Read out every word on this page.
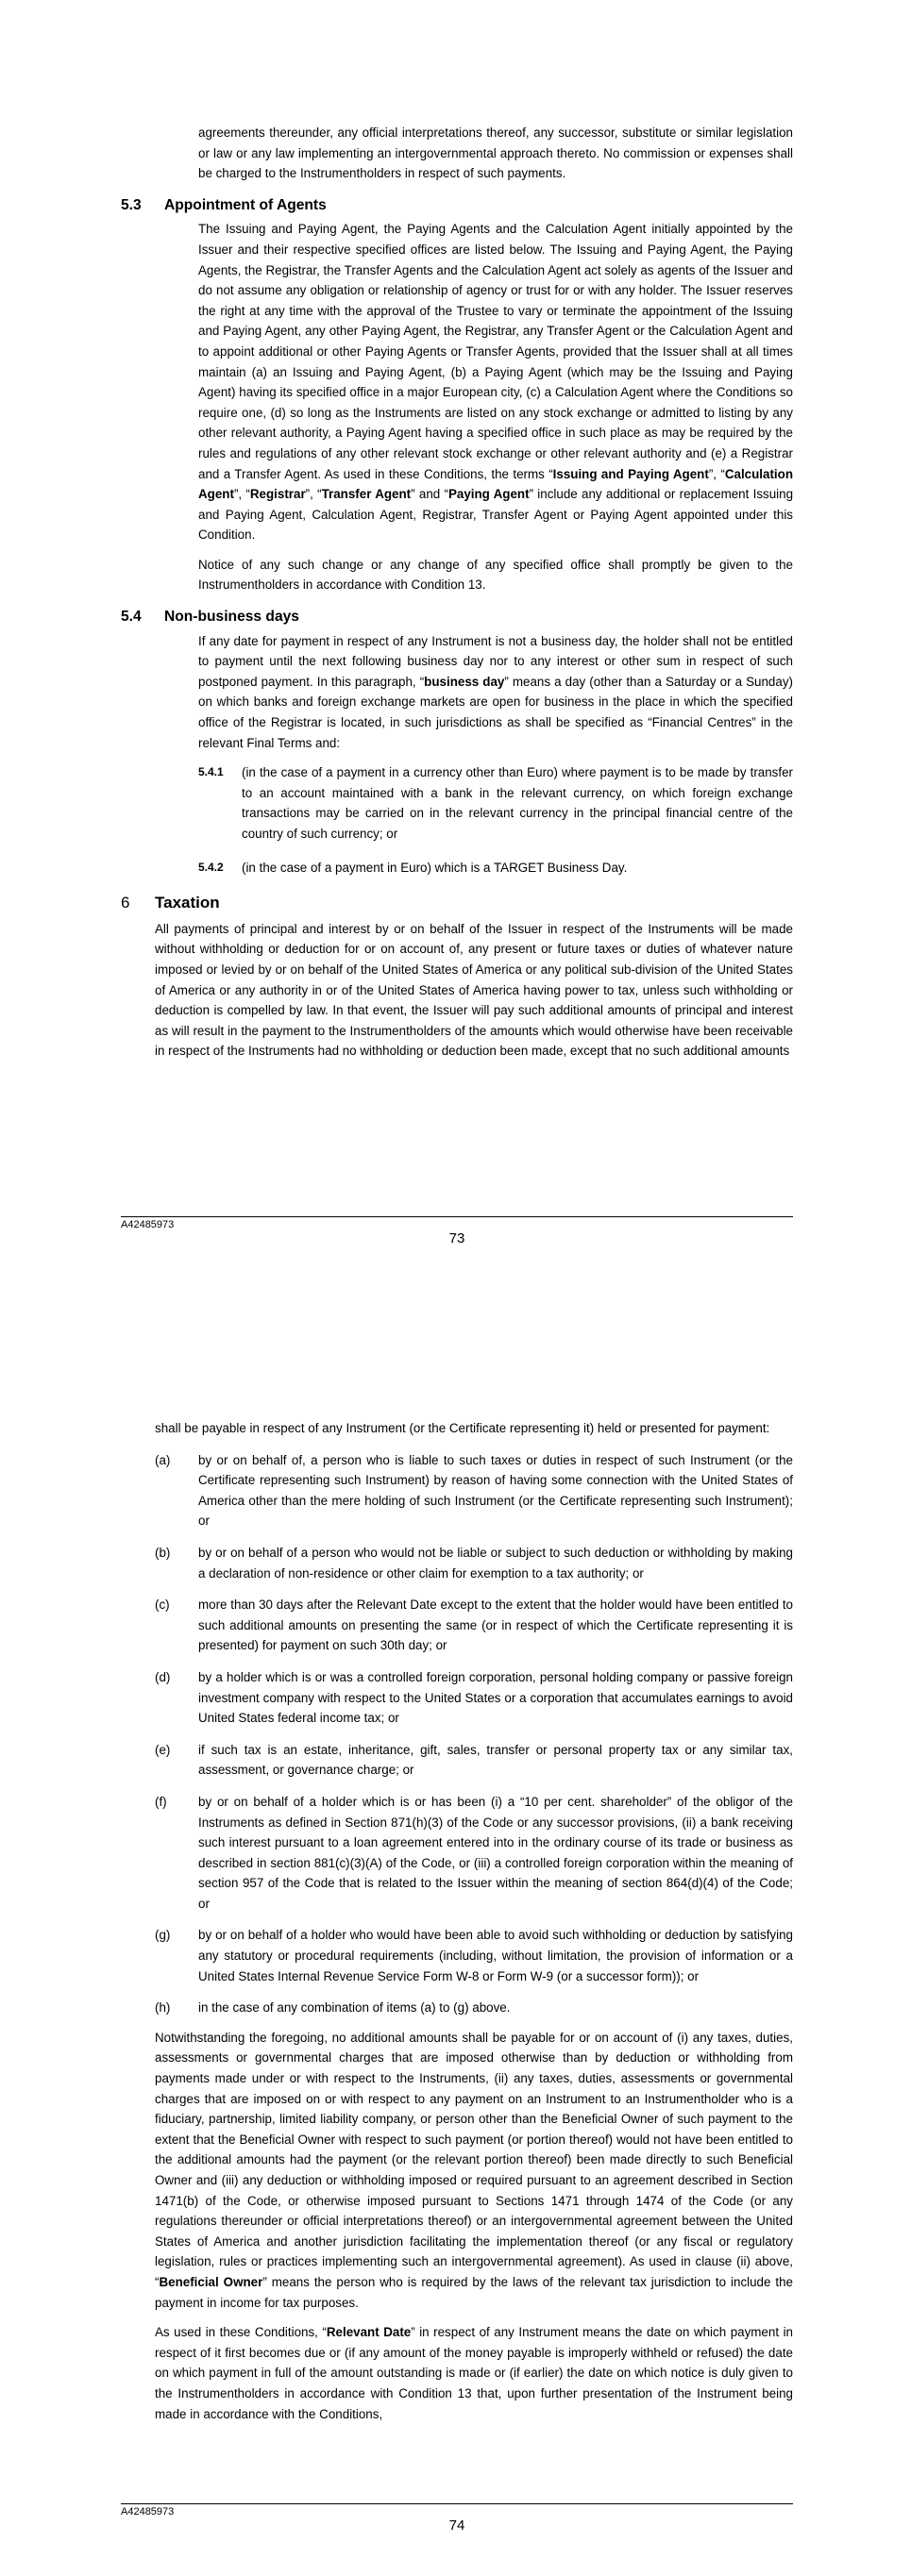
agreements thereunder, any official interpretations thereof, any successor, substitute or similar legislation or law or any law implementing an intergovernmental approach thereto. No commission or expenses shall be charged to the Instrumentholders in respect of such payments.

5.3	Appointment of Agents

The Issuing and Paying Agent, the Paying Agents and the Calculation Agent initially appointed by the Issuer and their respective specified offices are listed below. The Issuing and Paying Agent, the Paying Agents, the Registrar, the Transfer Agents and the Calculation Agent act solely as agents of the Issuer and do not assume any obligation or relationship of agency or trust for or with any holder. The Issuer reserves the right at any time with the approval of the Trustee to vary or terminate the appointment of the Issuing and Paying Agent, any other Paying Agent, the Registrar, any Transfer Agent or the Calculation Agent and to appoint additional or other Paying Agents or Transfer Agents, provided that the Issuer shall at all times maintain (a) an Issuing and Paying Agent, (b) a Paying Agent (which may be the Issuing and Paying Agent) having its specified office in a major European city, (c) a Calculation Agent where the Conditions so require one, (d) so long as the Instruments are listed on any stock exchange or admitted to listing by any other relevant authority, a Paying Agent having a specified office in such place as may be required by the rules and regulations of any other relevant stock exchange or other relevant authority and (e) a Registrar and a Transfer Agent. As used in these Conditions, the terms “Issuing and Paying Agent”, “Calculation Agent”, “Registrar”, “Transfer Agent” and “Paying Agent” include any additional or replacement Issuing and Paying Agent, Calculation Agent, Registrar, Transfer Agent or Paying Agent appointed under this Condition.

Notice of any such change or any change of any specified office shall promptly be given to the Instrumentholders in accordance with Condition 13.

5.4	Non-business days

If any date for payment in respect of any Instrument is not a business day, the holder shall not be entitled to payment until the next following business day nor to any interest or other sum in respect of such postponed payment. In this paragraph, “business day” means a day (other than a Saturday or a Sunday) on which banks and foreign exchange markets are open for business in the place in which the specified office of the Registrar is located, in such jurisdictions as shall be specified as “Financial Centres” in the relevant Final Terms and:

5.4.1	(in the case of a payment in a currency other than Euro) where payment is to be made by transfer to an account maintained with a bank in the relevant currency, on which foreign exchange transactions may be carried on in the relevant currency in the principal financial centre of the country of such currency; or
5.4.2	(in the case of a payment in Euro) which is a TARGET Business Day.
6	Taxation

All payments of principal and interest by or on behalf of the Issuer in respect of the Instruments will be made without withholding or deduction for or on account of, any present or future taxes or duties of whatever nature imposed or levied by or on behalf of the United States of America or any political sub-division of the United States of America or any authority in or of the United States of America having power to tax, unless such withholding or deduction is compelled by law. In that event, the Issuer will pay such additional amounts of principal and interest as will result in the payment to the Instrumentholders of the amounts which would otherwise have been receivable in respect of the Instruments had no withholding or deduction been made, except that no such additional amounts

A42485973
73

shall be payable in respect of any Instrument (or the Certificate representing it) held or presented for payment:

(a)	by or on behalf of, a person who is liable to such taxes or duties in respect of such Instrument (or the Certificate representing such Instrument) by reason of having some connection with the United States of America other than the mere holding of such Instrument (or the Certificate representing such Instrument); or
(b)	by or on behalf of a person who would not be liable or subject to such deduction or withholding by making a declaration of non-residence or other claim for exemption to a tax authority; or
(c)	more than 30 days after the Relevant Date except to the extent that the holder would have been entitled to such additional amounts on presenting the same (or in respect of which the Certificate representing it is presented) for payment on such 30th day; or
(d)	by a holder which is or was a controlled foreign corporation, personal holding company or passive foreign investment company with respect to the United States or a corporation that accumulates earnings to avoid United States federal income tax; or
(e)	if such tax is an estate, inheritance, gift, sales, transfer or personal property tax or any similar tax, assessment, or governance charge; or
(f)	by or on behalf of a holder which is or has been (i) a “10 per cent. shareholder” of the obligor of the Instruments as defined in Section 871(h)(3) of the Code or any successor provisions, (ii) a bank receiving such interest pursuant to a loan agreement entered into in the ordinary course of its trade or business as described in section 881(c)(3)(A) of the Code, or (iii) a controlled foreign corporation within the meaning of section 957 of the Code that is related to the Issuer within the meaning of section 864(d)(4) of the Code; or
(g)	by or on behalf of a holder who would have been able to avoid such withholding or deduction by satisfying any statutory or procedural requirements (including, without limitation, the provision of information or a United States Internal Revenue Service Form W-8 or Form W-9 (or a successor form)); or
(h)	in the case of any combination of items (a) to (g) above.

Notwithstanding the foregoing, no additional amounts shall be payable for or on account of (i) any taxes, duties, assessments or governmental charges that are imposed otherwise than by deduction or withholding from payments made under or with respect to the Instruments, (ii) any taxes, duties, assessments or governmental charges that are imposed on or with respect to any payment on an Instrument to an Instrumentholder who is a fiduciary, partnership, limited liability company, or person other than the Beneficial Owner of such payment to the extent that the Beneficial Owner with respect to such payment (or portion thereof) would not have been entitled to the additional amounts had the payment (or the relevant portion thereof) been made directly to such Beneficial Owner and (iii) any deduction or withholding imposed or required pursuant to an agreement described in Section 1471(b) of the Code, or otherwise imposed pursuant to Sections 1471 through 1474 of the Code (or any regulations thereunder or official interpretations thereof) or an intergovernmental agreement between the United States of America and another jurisdiction facilitating the implementation thereof (or any fiscal or regulatory legislation, rules or practices implementing such an intergovernmental agreement). As used in clause (ii) above, “Beneficial Owner” means the person who is required by the laws of the relevant tax jurisdiction to include the payment in income for tax purposes.

As used in these Conditions, “Relevant Date” in respect of any Instrument means the date on which payment in respect of it first becomes due or (if any amount of the money payable is improperly withheld or refused) the date on which payment in full of the amount outstanding is made or (if earlier) the date on which notice is duly given to the Instrumentholders in accordance with Condition 13 that, upon further presentation of the Instrument being made in accordance with the Conditions,

A42485973
74
